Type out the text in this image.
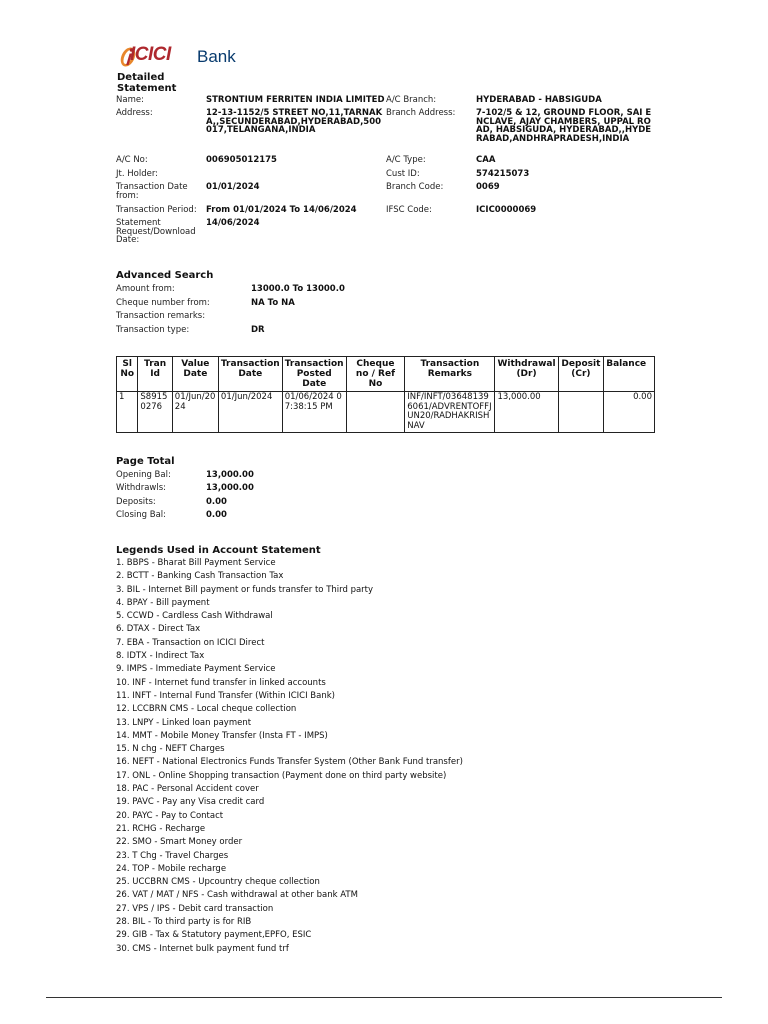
ICICI Bank
Detailed Statement
Name:	STRONTIUM FERRITEN INDIA LIMITED
Address:	12-13-1152/5 STREET NO,11,TARNAKA,,SECUNDERABAD,HYDERABAD,500017,TELANGANA,INDIA
A/C No:	006905012175
Jt. Holder:
Transaction Date from:
01/01/2024
Transaction Period: From 01/01/2024 To 14/06/2024
Statement Request/Download Date:
14/06/2024
A/C Branch:	HYDERABAD - HABSIGUDA
Branch Address: 7-102/5 & 12, GROUND FLOOR, SAI ENCLAVE, AJAY CHAMBERS, UPPAL ROAD, HABSIGUDA, HYDERABAD,,HYDERABAD,ANDHRAPRADESH,INDIA
A/C Type:	CAA
Cust ID:	574215073
Branch Code:	0069
IFSC Code:	ICIC0000069
Advanced Search
Amount from:	13000.0 To 13000.0
Cheque number from:	NA To NA
Transaction remarks:
Transaction type:	DR
Sl No	Tran Id	Value Date	Transaction Date	Transaction Posted Date	Cheque no / Ref No	Transaction Remarks	Withdrawal (Dr)	Deposit (Cr)	Balance
1	S89150276	01/Jun/2024	01/Jun/2024	01/06/2024 07:38:15 PM		INF/INFT/036481396061/ADVRENTOFFJUN20/RADHAKRISHNAV	13,000.00		0.00
Page Total
Opening Bal:	13,000.00
Withdrawls:	13,000.00
Deposits:	0.00
Closing Bal:	0.00
Legends Used in Account Statement
1. BBPS - Bharat Bill Payment Service
2. BCTT - Banking Cash Transaction Tax
3. BIL - Internet Bill payment or funds transfer to Third party
4. BPAY - Bill payment
5. CCWD - Cardless Cash Withdrawal
6. DTAX - Direct Tax
7. EBA - Transaction on ICICI Direct
8. IDTX - Indirect Tax
9. IMPS - Immediate Payment Service
10. INF - Internet fund transfer in linked accounts
11. INFT - Internal Fund Transfer (Within ICICI Bank)
12. LCCBRN CMS - Local cheque collection
13. LNPY - Linked loan payment
14. MMT - Mobile Money Transfer (Insta FT - IMPS)
15. N chg - NEFT Charges
16. NEFT - National Electronics Funds Transfer System (Other Bank Fund transfer)
17. ONL - Online Shopping transaction (Payment done on third party website)
18. PAC - Personal Accident cover
19. PAVC - Pay any Visa credit card
20. PAYC - Pay to Contact
21. RCHG - Recharge
22. SMO - Smart Money order
23. T Chg - Travel Charges
24. TOP - Mobile recharge
25. UCCBRN CMS - Upcountry cheque collection
26. VAT / MAT / NFS - Cash withdrawal at other bank ATM
27. VPS / IPS - Debit card transaction
28. BIL - To third party is for RIB
29. GIB - Tax & Statutory payment,EPFO, ESIC
30. CMS - Internet bulk payment fund trf
